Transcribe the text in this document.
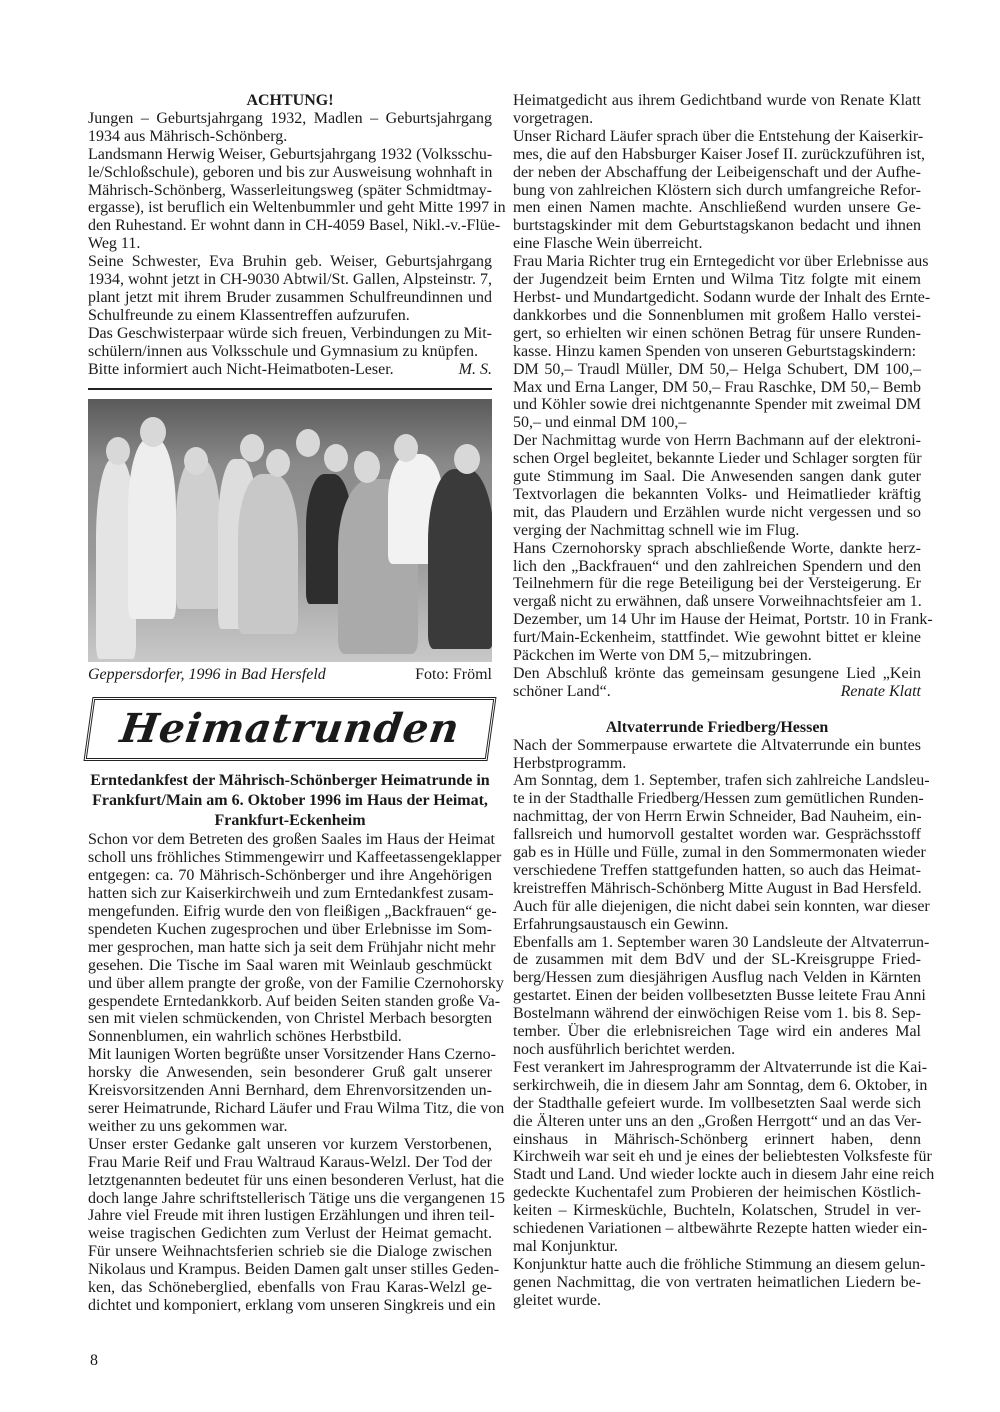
ACHTUNG!
Jungen – Geburtsjahrgang 1932, Madlen – Geburtsjahrgang
1934 aus Mährisch-Schönberg.
Landsmann Herwig Weiser, Geburtsjahrgang 1932 (Volksschu-
le/Schloßschule), geboren und bis zur Ausweisung wohnhaft in
Mährisch-Schönberg, Wasserleitungsweg (später Schmidtmay-
ergasse), ist beruflich ein Weltenbummler und geht Mitte 1997 in
den Ruhestand. Er wohnt dann in CH-4059 Basel, Nikl.-v.-Flüe-
Weg 11.
Seine Schwester, Eva Bruhin geb. Weiser, Geburtsjahrgang
1934, wohnt jetzt in CH-9030 Abtwil/St. Gallen, Alpsteinstr. 7,
plant jetzt mit ihrem Bruder zusammen Schulfreundinnen und
Schulfreunde zu einem Klassentreffen aufzurufen.
Das Geschwisterpaar würde sich freuen, Verbindungen zu Mit-
schülern/innen aus Volksschule und Gymnasium zu knüpfen.
Bitte informiert auch Nicht-Heimatboten-Leser.	M. S.
Geppersdorfer, 1996 in Bad Hersfeld	Foto: Fröml
Heimatrunden
Erntedankfest der Mährisch-Schönberger Heimatrunde in
Frankfurt/Main am 6. Oktober 1996 im Haus der Heimat,
Frankfurt-Eckenheim
Schon vor dem Betreten des großen Saales im Haus der Heimat
scholl uns fröhliches Stimmengewirr und Kaffeetassengeklapper
entgegen: ca. 70 Mährisch-Schönberger und ihre Angehörigen
hatten sich zur Kaiserkirchweih und zum Erntedankfest zusam-
mengefunden. Eifrig wurde den von fleißigen „Backfrauen“ ge-
spendeten Kuchen zugesprochen und über Erlebnisse im Som-
mer gesprochen, man hatte sich ja seit dem Frühjahr nicht mehr
gesehen. Die Tische im Saal waren mit Weinlaub geschmückt
und über allem prangte der große, von der Familie Czernohorsky
gespendete Erntedankkorb. Auf beiden Seiten standen große Va-
sen mit vielen schmückenden, von Christel Merbach besorgten
Sonnenblumen, ein wahrlich schönes Herbstbild.
Mit launigen Worten begrüßte unser Vorsitzender Hans Czerno-
horsky die Anwesenden, sein besonderer Gruß galt unserer
Kreisvorsitzenden Anni Bernhard, dem Ehrenvorsitzenden un-
serer Heimatrunde, Richard Läufer und Frau Wilma Titz, die von
weither zu uns gekommen war.
Unser erster Gedanke galt unseren vor kurzem Verstorbenen,
Frau Marie Reif und Frau Waltraud Karaus-Welzl. Der Tod der
letztgenannten bedeutet für uns einen besonderen Verlust, hat die
doch lange Jahre schriftstellerisch Tätige uns die vergangenen 15
Jahre viel Freude mit ihren lustigen Erzählungen und ihren teil-
weise tragischen Gedichten zum Verlust der Heimat gemacht.
Für unsere Weihnachtsferien schrieb sie die Dialoge zwischen
Nikolaus und Krampus. Beiden Damen galt unser stilles Geden-
ken, das Schöneberglied, ebenfalls von Frau Karas-Welzl ge-
dichtet und komponiert, erklang vom unseren Singkreis und ein
Heimatgedicht aus ihrem Gedichtband wurde von Renate Klatt
vorgetragen.
Unser Richard Läufer sprach über die Entstehung der Kaiserkir-
mes, die auf den Habsburger Kaiser Josef II. zurückzuführen ist,
der neben der Abschaffung der Leibeigenschaft und der Aufhe-
bung von zahlreichen Klöstern sich durch umfangreiche Refor-
men einen Namen machte. Anschließend wurden unsere Ge-
burtstagskinder mit dem Geburtstagskanon bedacht und ihnen
eine Flasche Wein überreicht.
Frau Maria Richter trug ein Erntegedicht vor über Erlebnisse aus
der Jugendzeit beim Ernten und Wilma Titz folgte mit einem
Herbst- und Mundartgedicht. Sodann wurde der Inhalt des Ernte-
dankkorbes und die Sonnenblumen mit großem Hallo verstei-
gert, so erhielten wir einen schönen Betrag für unsere Runden-
kasse. Hinzu kamen Spenden von unseren Geburtstagskindern:
DM 50,– Traudl Müller, DM 50,– Helga Schubert, DM 100,–
Max und Erna Langer, DM 50,– Frau Raschke, DM 50,– Bemb
und Köhler sowie drei nichtgenannte Spender mit zweimal DM
50,– und einmal DM 100,–
Der Nachmittag wurde von Herrn Bachmann auf der elektroni-
schen Orgel begleitet, bekannte Lieder und Schlager sorgten für
gute Stimmung im Saal. Die Anwesenden sangen dank guter
Textvorlagen die bekannten Volks- und Heimatlieder kräftig
mit, das Plaudern und Erzählen wurde nicht vergessen und so
verging der Nachmittag schnell wie im Flug.
Hans Czernohorsky sprach abschließende Worte, dankte herz-
lich den „Backfrauen“ und den zahlreichen Spendern und den
Teilnehmern für die rege Beteiligung bei der Versteigerung. Er
vergaß nicht zu erwähnen, daß unsere Vorweihnachtsfeier am 1.
Dezember, um 14 Uhr im Hause der Heimat, Portstr. 10 in Frank-
furt/Main-Eckenheim, stattfindet. Wie gewohnt bittet er kleine
Päckchen im Werte von DM 5,– mitzubringen.
Den Abschluß krönte das gemeinsam gesungene Lied „Kein
schöner Land“.	Renate Klatt
Altvaterrunde Friedberg/Hessen
Nach der Sommerpause erwartete die Altvaterrunde ein buntes
Herbstprogramm.
Am Sonntag, dem 1. September, trafen sich zahlreiche Landsleu-
te in der Stadthalle Friedberg/Hessen zum gemütlichen Runden-
nachmittag, der von Herrn Erwin Schneider, Bad Nauheim, ein-
fallsreich und humorvoll gestaltet worden war. Gesprächsstoff
gab es in Hülle und Fülle, zumal in den Sommermonaten wieder
verschiedene Treffen stattgefunden hatten, so auch das Heimat-
kreistreffen Mährisch-Schönberg Mitte August in Bad Hersfeld.
Auch für alle diejenigen, die nicht dabei sein konnten, war dieser
Erfahrungsaustausch ein Gewinn.
Ebenfalls am 1. September waren 30 Landsleute der Altvaterrun-
de zusammen mit dem BdV und der SL-Kreisgruppe Fried-
berg/Hessen zum diesjährigen Ausflug nach Velden in Kärnten
gestartet. Einen der beiden vollbesetzten Busse leitete Frau Anni
Bostelmann während der einwöchigen Reise vom 1. bis 8. Sep-
tember. Über die erlebnisreichen Tage wird ein anderes Mal
noch ausführlich berichtet werden.
Fest verankert im Jahresprogramm der Altvaterrunde ist die Kai-
serkirchweih, die in diesem Jahr am Sonntag, dem 6. Oktober, in
der Stadthalle gefeiert wurde. Im vollbesetzten Saal werde sich
die Älteren unter uns an den „Großen Herrgott“ und an das Ver-
einshaus in Mährisch-Schönberg erinnert haben, denn
Kirchweih war seit eh und je eines der beliebtesten Volksfeste für
Stadt und Land. Und wieder lockte auch in diesem Jahr eine reich
gedeckte Kuchentafel zum Probieren der heimischen Köstlich-
keiten – Kirmesküchle, Buchteln, Kolatschen, Strudel in ver-
schiedenen Variationen – altbewährte Rezepte hatten wieder ein-
mal Konjunktur.
Konjunktur hatte auch die fröhliche Stimmung an diesem gelun-
genen Nachmittag, die von vertraten heimatlichen Liedern be-
gleitet wurde.
8
